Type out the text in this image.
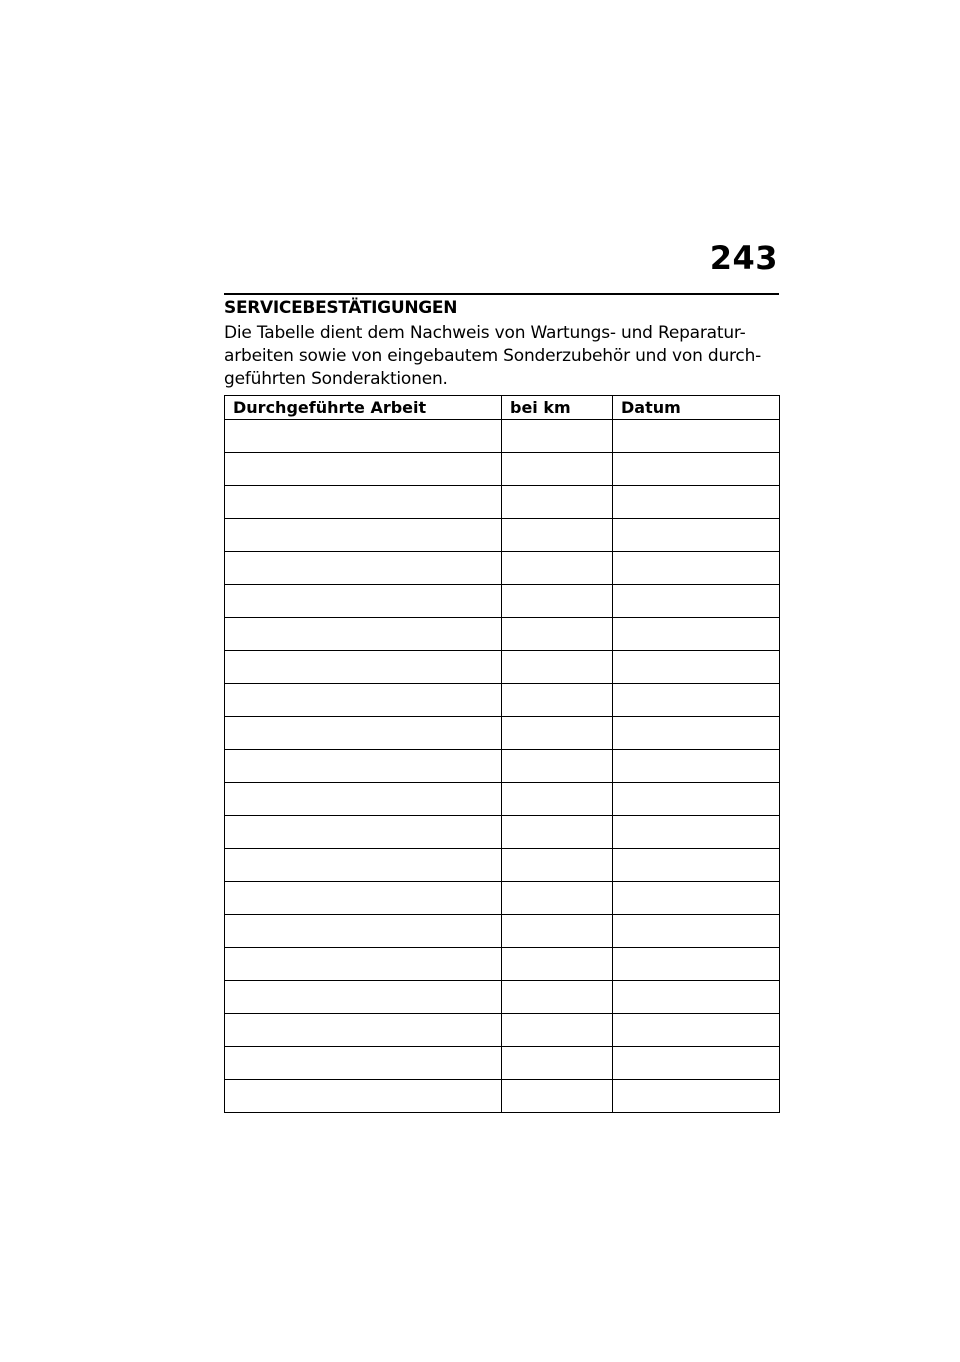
243
SERVICEBESTÄTIGUNGEN
Die Tabelle dient dem Nachweis von Wartungs- und Reparatur-
arbeiten sowie von eingebautem Sonderzubehör und von durch-
geführten Sonderaktionen.
Durchgeführte Arbeit	bei km	Datum
